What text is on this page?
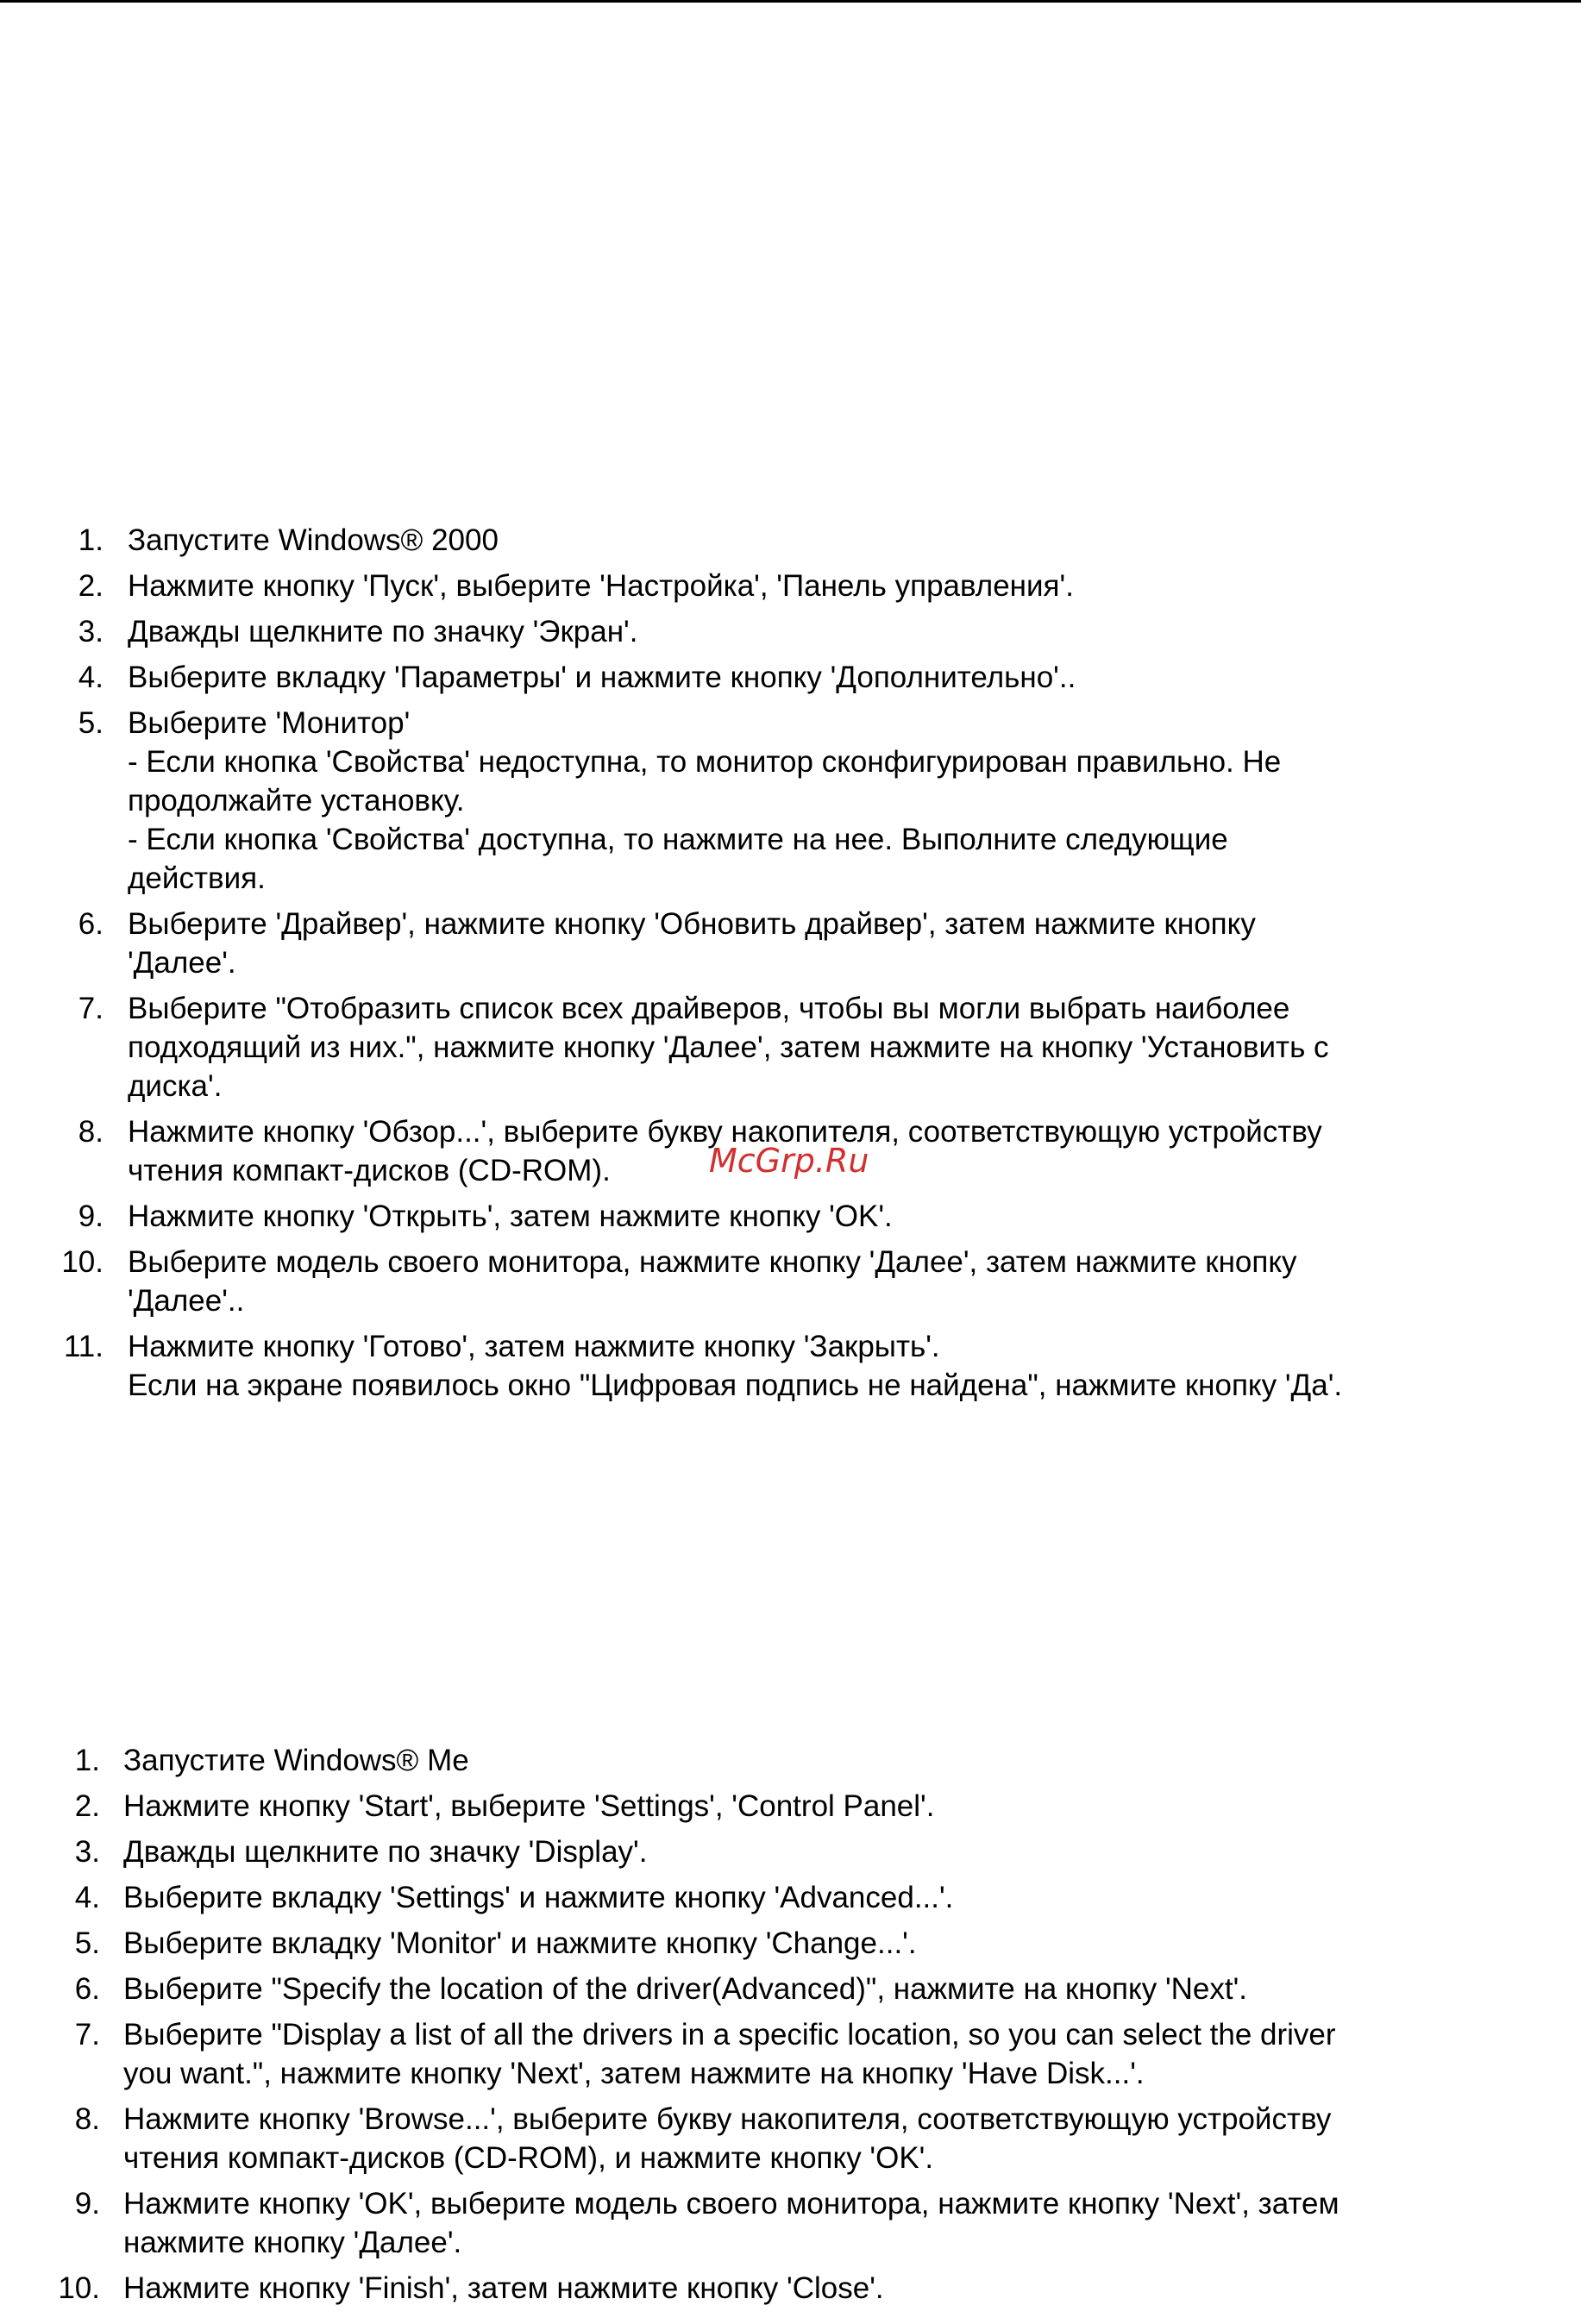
1. Запустите Windows® 2000
2. Нажмите кнопку 'Пуск', выберите 'Настройка', 'Панель управления'.
3. Дважды щелкните по значку 'Экран'.
4. Выберите вкладку 'Параметры' и нажмите кнопку 'Дополнительно'..
5. Выберите 'Монитор'
- Если кнопка 'Свойства' недоступна, то монитор сконфигурирован правильно. Не продолжайте установку.
- Если кнопка 'Свойства' доступна, то нажмите на нее. Выполните следующие действия.
6. Выберите 'Драйвер', нажмите кнопку 'Обновить драйвер', затем нажмите кнопку 'Далее'.
7. Выберите "Отобразить список всех драйверов, чтобы вы могли выбрать наиболее подходящий из них.", нажмите кнопку 'Далее', затем нажмите на кнопку 'Установить с диска'.
8. Нажмите кнопку 'Обзор...', выберите букву накопителя, соответствующую устройству чтения компакт-дисков (CD-ROM).
9. Нажмите кнопку 'Открыть', затем нажмите кнопку 'OK'.
10. Выберите модель своего монитора, нажмите кнопку 'Далее', затем нажмите кнопку 'Далее'..
11. Нажмите кнопку 'Готово', затем нажмите кнопку 'Закрыть'.
Если на экране появилось окно "Цифровая подпись не найдена", нажмите кнопку 'Да'.
McGrp.Ru
1. Запустите Windows® Me
2. Нажмите кнопку 'Start', выберите 'Settings', 'Control Panel'.
3. Дважды щелкните по значку 'Display'.
4. Выберите вкладку 'Settings' и нажмите кнопку 'Advanced...'.
5. Выберите вкладку 'Monitor' и нажмите кнопку 'Change...'.
6. Выберите "Specify the location of the driver(Advanced)", нажмите на кнопку 'Next'.
7. Выберите "Display a list of all the drivers in a specific location, so you can select the driver you want.", нажмите кнопку 'Next', затем нажмите на кнопку 'Have Disk...'.
8. Нажмите кнопку 'Browse...', выберите букву накопителя, соответствующую устройству чтения компакт-дисков (CD-ROM), и нажмите кнопку 'OK'.
9. Нажмите кнопку 'OK', выберите модель своего монитора, нажмите кнопку 'Next', затем нажмите кнопку 'Далее'.
10. Нажмите кнопку 'Finish', затем нажмите кнопку 'Close'.
